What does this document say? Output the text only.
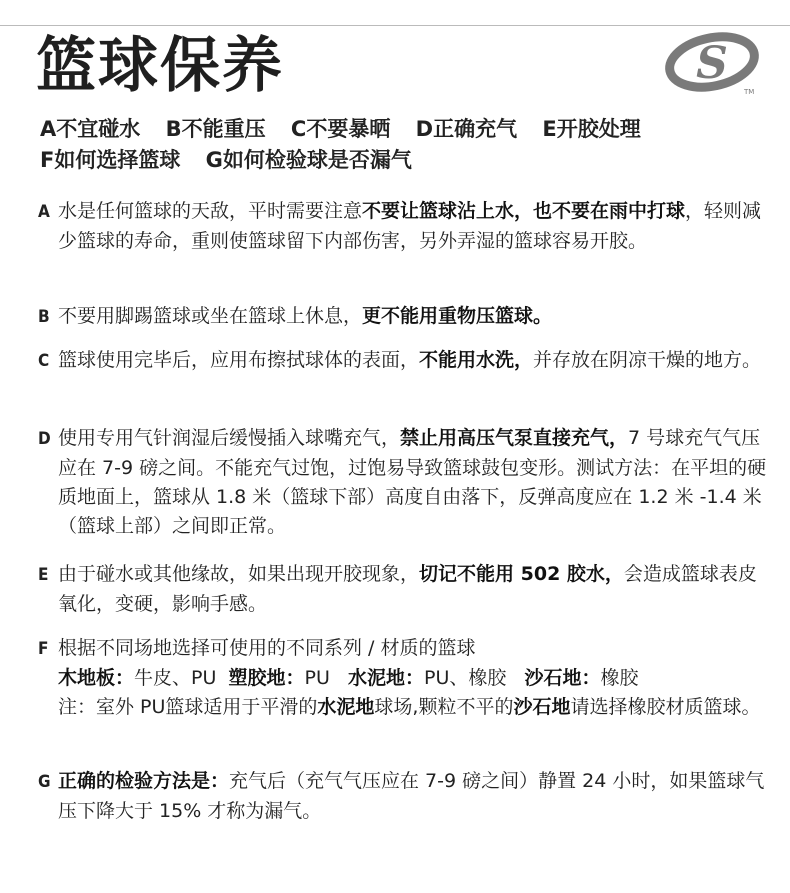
篮球保养	S
TM
A不宜碰水 B不能重压 C不要暴晒 D正确充气 E开胶处理
F如何选择篮球 G如何检验球是否漏气
A 水是任何篮球的天敌，平时需要注意不要让篮球沾上水，也不要在雨中打球，轻则减少篮球的寿命，重则使篮球留下内部伤害，另外弄湿的篮球容易开胶。
B 不要用脚踢篮球或坐在篮球上休息，更不能用重物压篮球。
C 篮球使用完毕后，应用布擦拭球体的表面，不能用水洗，并存放在阴凉干燥的地方。
D 使用专用气针润湿后缓慢插入球嘴充气，禁止用高压气泵直接充气，7 号球充气气压应在 7-9 磅之间。不能充气过饱，过饱易导致篮球鼓包变形。测试方法：在平坦的硬质地面上，篮球从 1.8 米（篮球下部）高度自由落下，反弹高度应在 1.2 米 -1.4 米（篮球上部）之间即正常。
E 由于碰水或其他缘故，如果出现开胶现象，切记不能用 502 胶水，会造成篮球表皮氧化，变硬，影响手感。
F 根据不同场地选择可使用的不同系列 / 材质的篮球
木地板：牛皮、PU 塑胶地：PU 水泥地：PU、橡胶 沙石地：橡胶
注：室外 PU篮球适用于平滑的水泥地球场,颗粒不平的沙石地请选择橡胶材质篮球。
G 正确的检验方法是：充气后（充气气压应在 7-9 磅之间）静置 24 小时，如果篮球气压下降大于 15% 才称为漏气。
